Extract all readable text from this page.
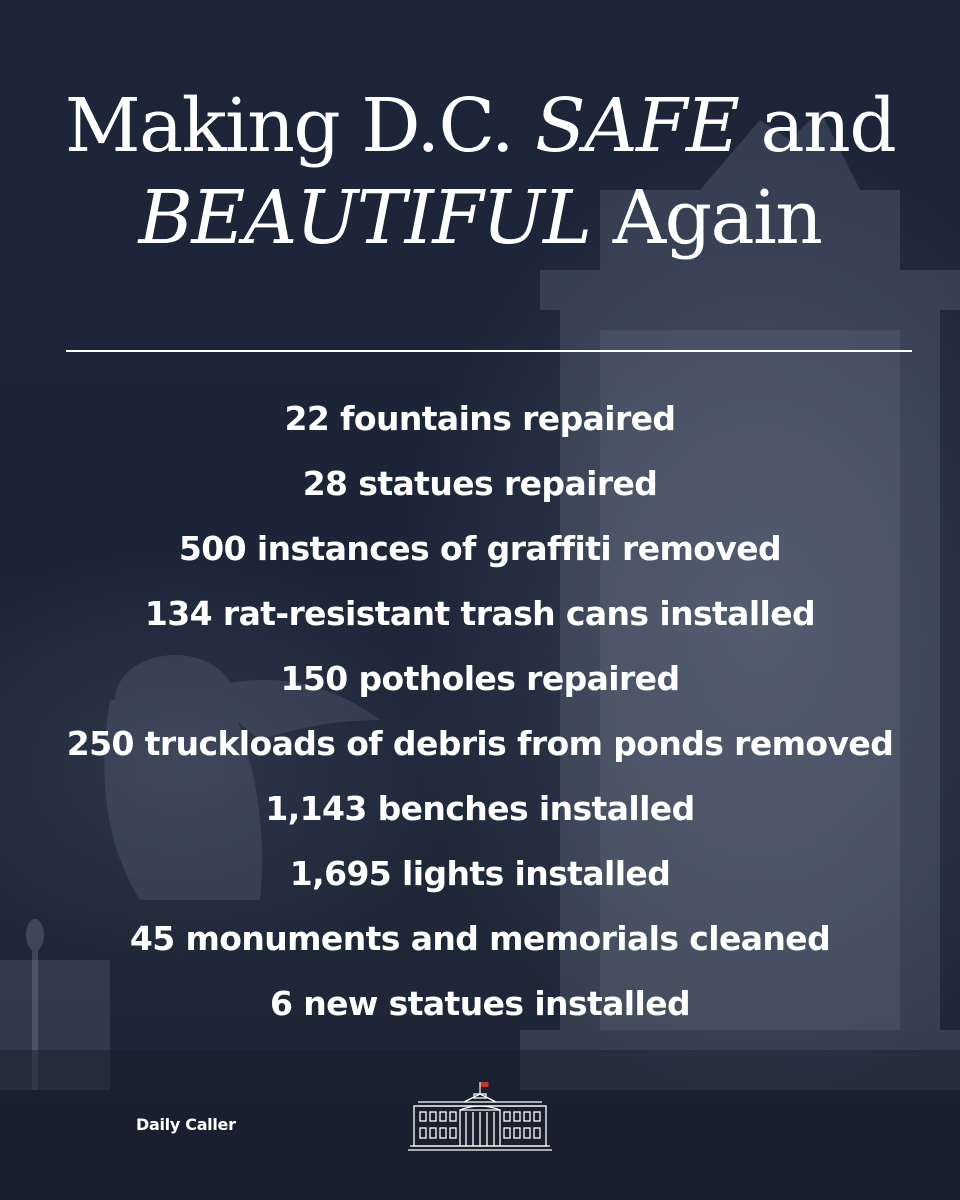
Making D.C. SAFE and
BEAUTIFUL Again
22 fountains repaired
28 statues repaired
500 instances of graffiti removed
134 rat-resistant trash cans installed
150 potholes repaired
250 truckloads of debris from ponds removed
1,143 benches installed
1,695 lights installed
45 monuments and memorials cleaned
6 new statues installed
Daily Caller
